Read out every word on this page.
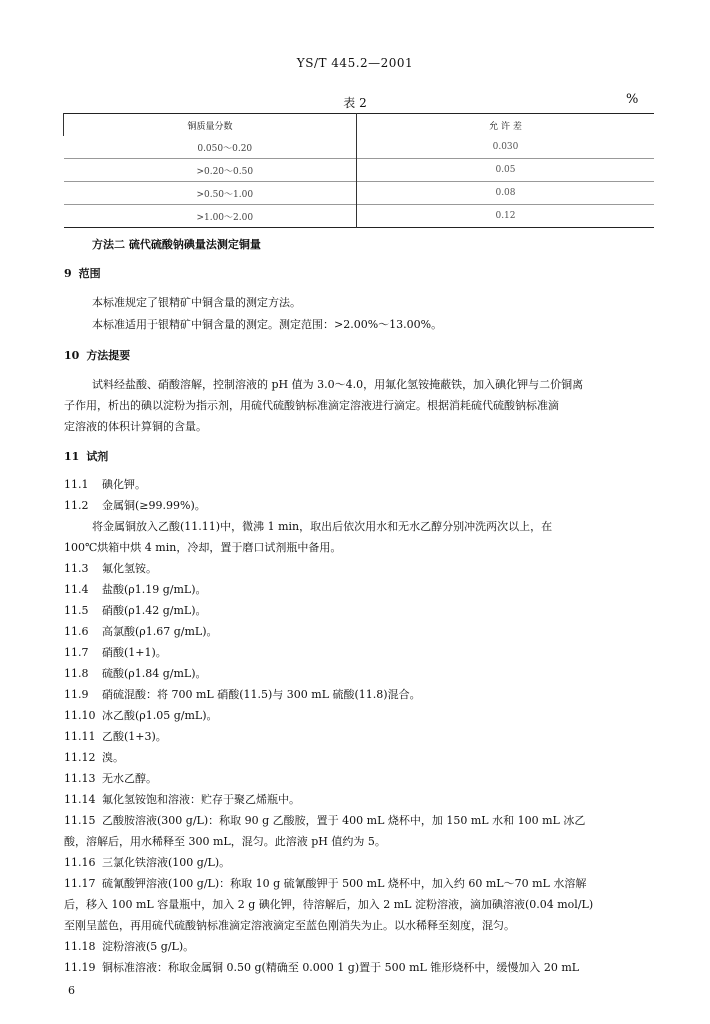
YS/T 445.2—2001
表 2	%
铜质量分数	允 许 差
0.050～0.20	0.030
>0.20～0.50	0.05
>0.50～1.00	0.08
>1.00～2.00	0.12
方法二 硫代硫酸钠碘量法测定铜量
9 范围
本标准规定了银精矿中铜含量的测定方法。
本标准适用于银精矿中铜含量的测定。测定范围：>2.00%～13.00%。
10 方法提要
试料经盐酸、硝酸溶解，控制溶液的 pH 值为 3.0～4.0，用氟化氢铵掩蔽铁，加入碘化钾与二价铜离
子作用，析出的碘以淀粉为指示剂，用硫代硫酸钠标准滴定溶液进行滴定。根据消耗硫代硫酸钠标准滴
定溶液的体积计算铜的含量。
11 试剂
11.1 碘化钾。
11.2 金属铜(≥99.99%)。
将金属铜放入乙酸(11.11)中，微沸 1 min，取出后依次用水和无水乙醇分别冲洗两次以上，在
100℃烘箱中烘 4 min，冷却，置于磨口试剂瓶中备用。
11.3 氟化氢铵。
11.4 盐酸(ρ1.19 g/mL)。
11.5 硝酸(ρ1.42 g/mL)。
11.6 高氯酸(ρ1.67 g/mL)。
11.7 硝酸(1+1)。
11.8 硫酸(ρ1.84 g/mL)。
11.9 硝硫混酸：将 700 mL 硝酸(11.5)与 300 mL 硫酸(11.8)混合。
11.10 冰乙酸(ρ1.05 g/mL)。
11.11 乙酸(1+3)。
11.12 溴。
11.13 无水乙醇。
11.14 氟化氢铵饱和溶液：贮存于聚乙烯瓶中。
11.15 乙酸胺溶液(300 g/L)：称取 90 g 乙酸胺，置于 400 mL 烧杯中，加 150 mL 水和 100 mL 冰乙
酸，溶解后，用水稀释至 300 mL，混匀。此溶液 pH 值约为 5。
11.16 三氯化铁溶液(100 g/L)。
11.17 硫氰酸钾溶液(100 g/L)：称取 10 g 硫氰酸钾于 500 mL 烧杯中，加入约 60 mL～70 mL 水溶解
后，移入 100 mL 容量瓶中，加入 2 g 碘化钾，待溶解后，加入 2 mL 淀粉溶液，滴加碘溶液(0.04 mol/L)
至刚呈蓝色，再用硫代硫酸钠标准滴定溶液滴定至蓝色刚消失为止。以水稀释至刻度，混匀。
11.18 淀粉溶液(5 g/L)。
11.19 铜标准溶液：称取金属铜 0.50 g(精确至 0.000 1 g)置于 500 mL 锥形烧杯中，缓慢加入 20 mL
6
